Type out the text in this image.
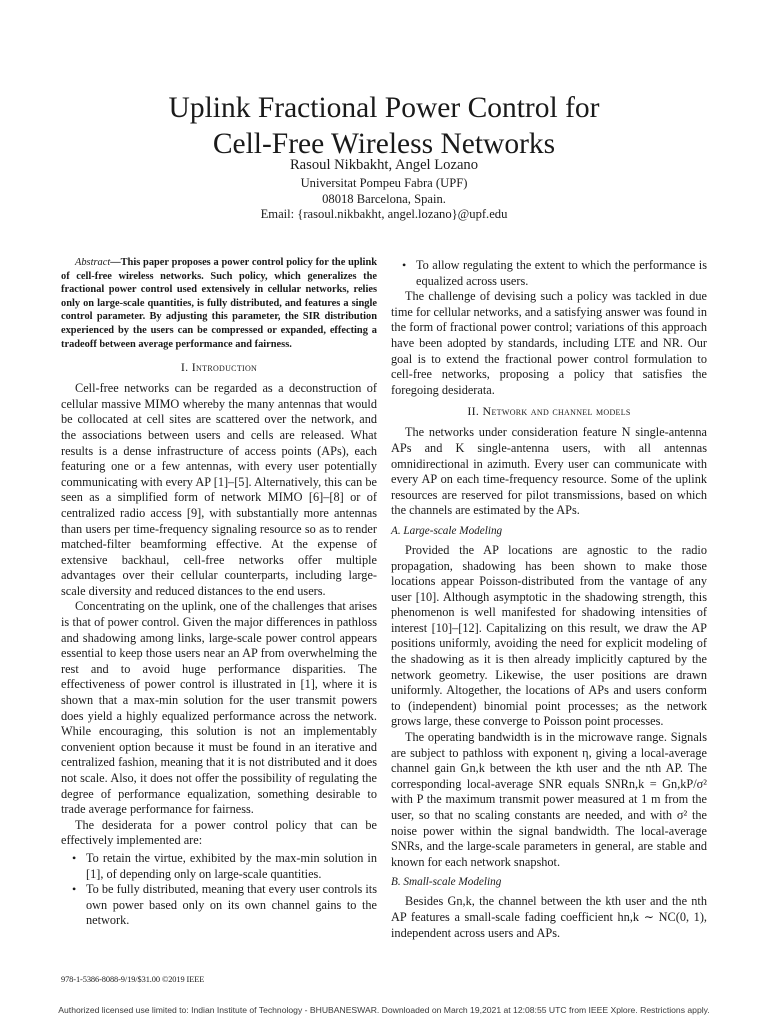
Uplink Fractional Power Control for
Cell-Free Wireless Networks
Rasoul Nikbakht, Angel Lozano
Universitat Pompeu Fabra (UPF)
08018 Barcelona, Spain.
Email: {rasoul.nikbakht, angel.lozano}@upf.edu

Abstract—This paper proposes a power control policy for the uplink of cell-free wireless networks. Such policy, which generalizes the fractional power control used extensively in cellular networks, relies only on large-scale quantities, is fully distributed, and features a single control parameter. By adjusting this parameter, the SIR distribution experienced by the users can be compressed or expanded, effecting a tradeoff between average performance and fairness.

I. Introduction

Cell-free networks can be regarded as a deconstruction of cellular massive MIMO whereby the many antennas that would be collocated at cell sites are scattered over the network, and the associations between users and cells are released. What results is a dense infrastructure of access points (APs), each featuring one or a few antennas, with every user potentially communicating with every AP [1]–[5]. Alternatively, this can be seen as a simplified form of network MIMO [6]–[8] or of centralized radio access [9], with substantially more antennas than users per time-frequency signaling resource so as to render matched-filter beamforming effective. At the expense of extensive backhaul, cell-free networks offer multiple advantages over their cellular counterparts, including large-scale diversity and reduced distances to the end users.

Concentrating on the uplink, one of the challenges that arises is that of power control. Given the major differences in pathloss and shadowing among links, large-scale power control appears essential to keep those users near an AP from overwhelming the rest and to avoid huge performance disparities. The effectiveness of power control is illustrated in [1], where it is shown that a max-min solution for the user transmit powers does yield a highly equalized performance across the network. While encouraging, this solution is not an implementably convenient option because it must be found in an iterative and centralized fashion, meaning that it is not distributed and it does not scale. Also, it does not offer the possibility of regulating the degree of performance equalization, something desirable to trade average performance for fairness.

The desiderata for a power control policy that can be effectively implemented are:

• To retain the virtue, exhibited by the max-min solution in [1], of depending only on large-scale quantities.
• To be fully distributed, meaning that every user controls its own power based only on its own channel gains to the network.
• To allow regulating the extent to which the performance is equalized across users.

The challenge of devising such a policy was tackled in due time for cellular networks, and a satisfying answer was found in the form of fractional power control; variations of this approach have been adopted by standards, including LTE and NR. Our goal is to extend the fractional power control formulation to cell-free networks, proposing a policy that satisfies the foregoing desiderata.

II. Network and channel models

The networks under consideration feature N single-antenna APs and K single-antenna users, with all antennas omnidirectional in azimuth. Every user can communicate with every AP on each time-frequency resource. Some of the uplink resources are reserved for pilot transmissions, based on which the channels are estimated by the APs.

A. Large-scale Modeling

Provided the AP locations are agnostic to the radio propagation, shadowing has been shown to make those locations appear Poisson-distributed from the vantage of any user [10]. Although asymptotic in the shadowing strength, this phenomenon is well manifested for shadowing intensities of interest [10]–[12]. Capitalizing on this result, we draw the AP positions uniformly, avoiding the need for explicit modeling of the shadowing as it is then already implicitly captured by the network geometry. Likewise, the user positions are drawn uniformly. Altogether, the locations of APs and users conform to (independent) binomial point processes; as the network grows large, these converge to Poisson point processes.

The operating bandwidth is in the microwave range. Signals are subject to pathloss with exponent η, giving a local-average channel gain Gn,k between the kth user and the nth AP. The corresponding local-average SNR equals SNRn,k = Gn,kP/σ² with P the maximum transmit power measured at 1 m from the user, so that no scaling constants are needed, and with σ² the noise power within the signal bandwidth. The local-average SNRs, and the large-scale parameters in general, are stable and known for each network snapshot.

B. Small-scale Modeling

Besides Gn,k, the channel between the kth user and the nth AP features a small-scale fading coefficient hn,k ∼ NC(0, 1), independent across users and APs.

978-1-5386-8088-9/19/$31.00 ©2019 IEEE
Authorized licensed use limited to: Indian Institute of Technology - BHUBANESWAR. Downloaded on March 19,2021 at 12:08:55 UTC from IEEE Xplore. Restrictions apply.
